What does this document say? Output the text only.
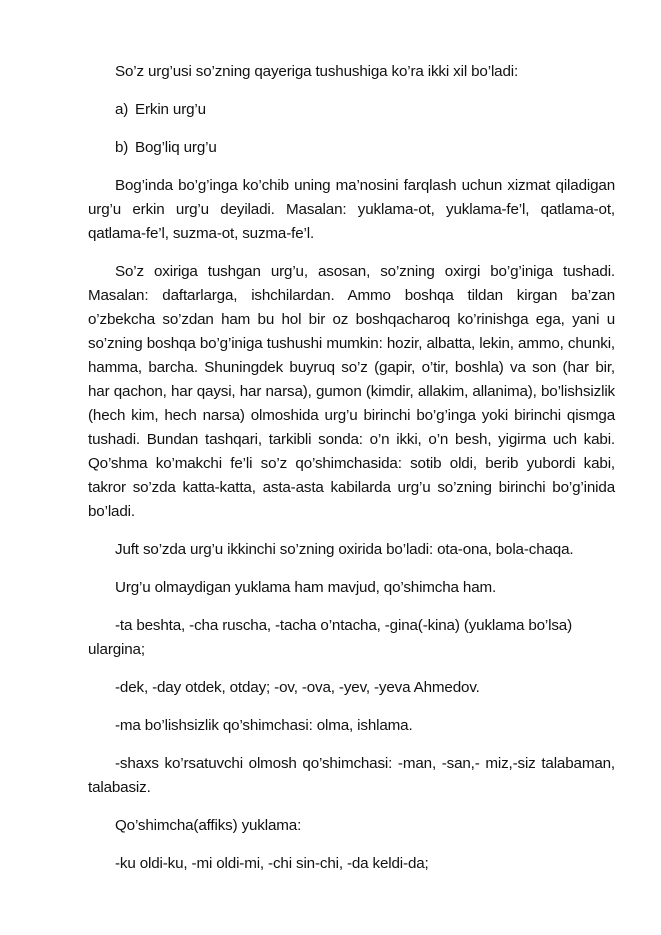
So’z urg’usi so’zning qayeriga tushushiga ko’ra ikki xil bo’ladi:

a) Erkin urg’u
b) Bog’liq urg’u

Bog’inda bo’g’inga ko’chib uning ma’nosini farqlash uchun xizmat qiladigan urg’u erkin urg’u deyiladi. Masalan: yuklama-ot, yuklama-fe’l, qatlama-ot, qatlama-fe’l, suzma-ot, suzma-fe’l.

So’z oxiriga tushgan urg’u, asosan, so’zning oxirgi bo’g’iniga tushadi. Masalan: daftarlarga, ishchilardan. Ammo boshqa tildan kirgan ba’zan o’zbekcha so’zdan ham bu hol bir oz boshqacharoq ko’rinishga ega, yani u so’zning boshqa bo’g’iniga tushushi mumkin: hozir, albatta, lekin, ammo, chunki, hamma, barcha. Shuningdek buyruq so’z (gapir, o’tir, boshla) va son (har bir, har qachon, har qaysi, har narsa), gumon (kimdir, allakim, allanima), bo’lishsizlik (hech kim, hech narsa) olmoshida urg’u birinchi bo’g’inga yoki birinchi qismga tushadi. Bundan tashqari, tarkibli sonda: o’n ikki, o’n besh, yigirma uch kabi. Qo’shma ko’makchi fe’li so’z qo’shimchasida: sotib oldi, berib yubordi kabi, takror so’zda katta-katta, asta-asta kabilarda urg’u so’zning birinchi bo’g’inida bo’ladi.

Juft so’zda urg’u ikkinchi so’zning oxirida bo’ladi: ota-ona, bola-chaqa.

Urg’u olmaydigan yuklama ham mavjud, qo’shimcha ham.

-ta beshta, -cha ruscha, -tacha o’ntacha, -gina(-kina) (yuklama bo’lsa) ulargina;

-dek, -day otdek, otday; -ov, -ova, -yev, -yeva Ahmedov.

-ma bo’lishsizlik qo’shimchasi: olma, ishlama.

-shaxs ko’rsatuvchi olmosh qo’shimchasi: -man, -san,- miz,-siz talabaman, talabasiz.

Qo’shimcha(affiks) yuklama:

-ku oldi-ku, -mi oldi-mi, -chi sin-chi, -da keldi-da;
